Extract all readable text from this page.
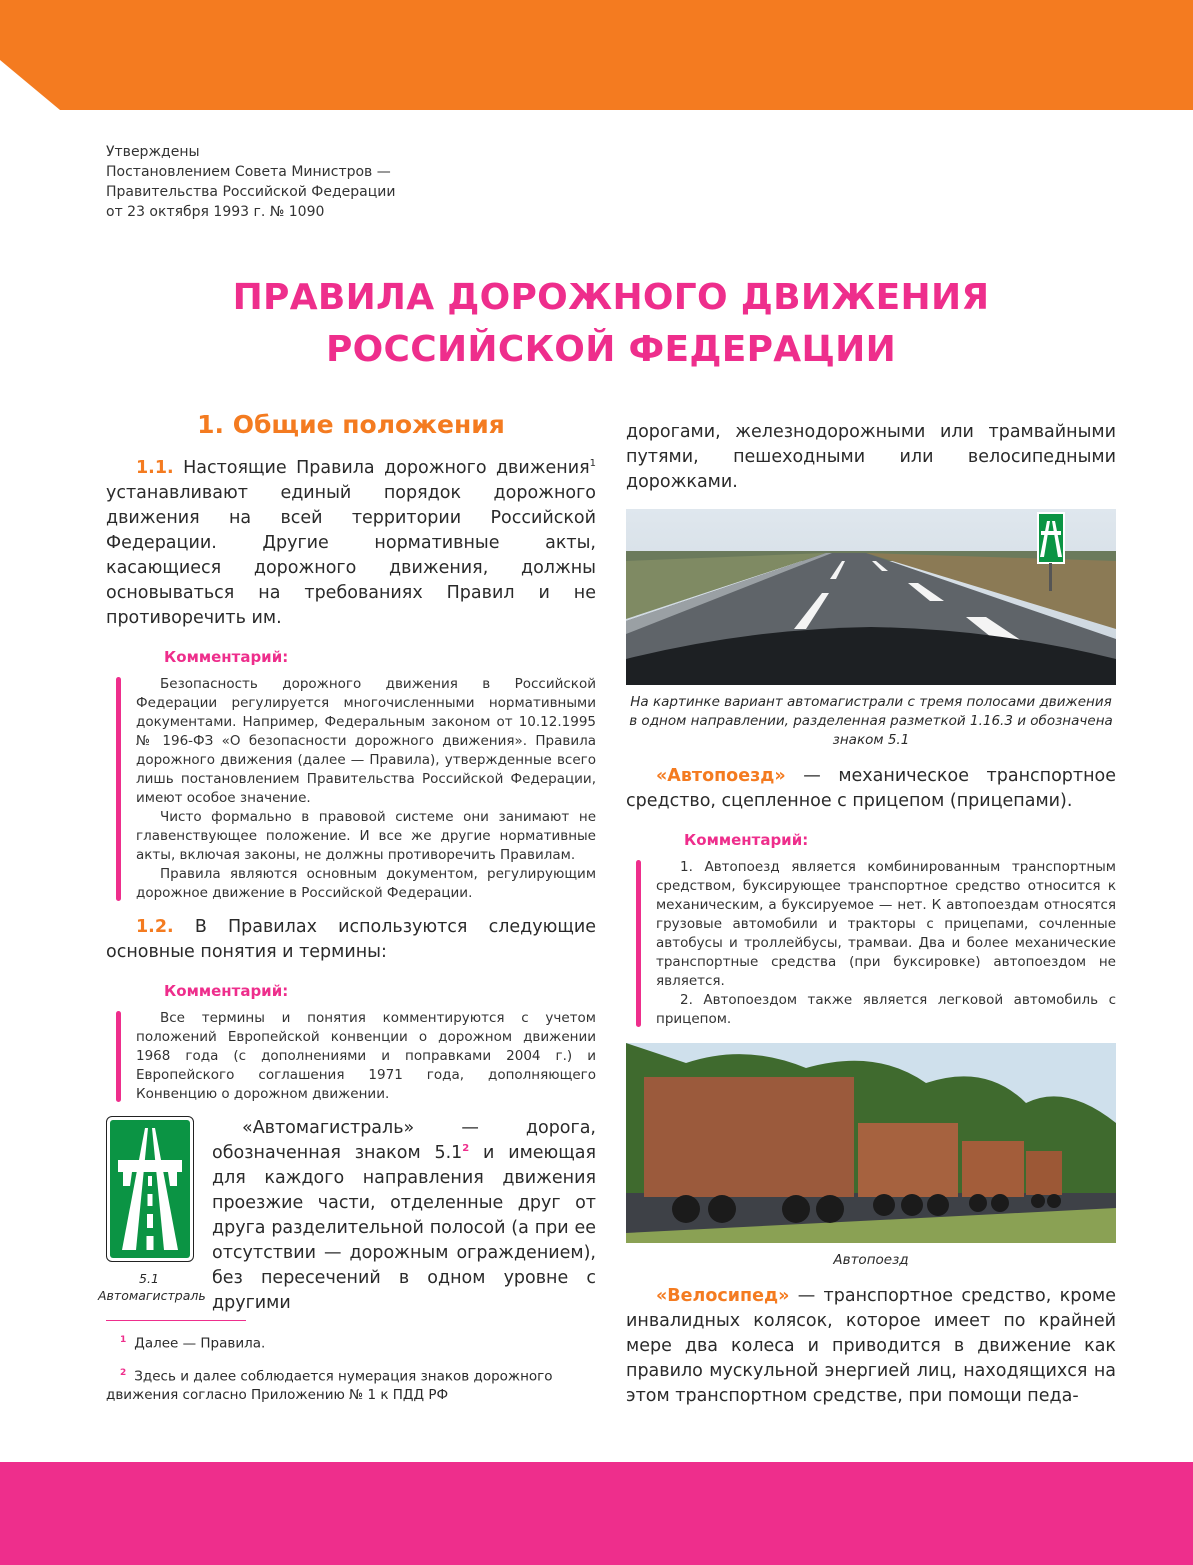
Утверждены
Постановлением Совета Министров —
Правительства Российской Федерации
от 23 октября 1993 г. № 1090
ПРАВИЛА ДОРОЖНОГО ДВИЖЕНИЯ
РОССИЙСКОЙ ФЕДЕРАЦИИ
1. Общие положения

1.1. Настоящие Правила дорожного движения$^1$ устанавливают единый порядок дорожного движения на всей территории Российской Федерации. Другие нормативные акты, касающиеся дорожного движения, должны основываться на требованиях Правил и не противоречить им.

Комментарий:

Безопасность дорожного движения в Российской Федерации регулируется многочисленными нормативными документами. Например, Федеральным законом от 10.12.1995 № 196-ФЗ «О безопасности дорожного движения». Правила дорожного движения (далее — Правила), утвержденные всего лишь постановлением Правительства Российской Федерации, имеют особое значение.

Чисто формально в правовой системе они занимают не главенствующее положение. И все же другие нормативные акты, включая законы, не должны противоречить Правилам.

Правила являются основным документом, регулирующим дорожное движение в Российской Федерации.

1.2. В Правилах используются следующие основные понятия и термины:

Комментарий:

Все термины и понятия комментируются с учетом положений Европейской конвенции о дорожном движении 1968 года (с дополнениями и поправками 2004 г.) и Европейского соглашения 1971 года, дополняющего Конвенцию о дорожном движении.

5.1 Автомагистраль
«Автомагистраль» — дорога, обозначенная знаком $5.1^2$ и имеющая для каждого направления движения проезжие части, отделенные друг от друга разделительной полосой (а при ее отсутствии — дорожным ограждением), без пересечений в одном уровне с другими
$^1$ Далее — Правила.
$^2$ Здесь и далее соблюдается нумерация знаков дорожного движения согласно Приложению № 1 к ПДД РФ

дорогами, железнодорожными или трамвайными путями, пешеходными или велосипедными дорожками.

На картинке вариант автомагистрали с тремя полосами движения в одном направлении, разделенная разметкой 1.16.3 и обозначена знаком 5.1

«Автопоезд» — механическое транспортное средство, сцепленное с прицепом (прицепами).

Комментарий:

1. Автопоезд является комбинированным транспортным средством, буксирующее транспортное средство относится к механическим, а буксируемое — нет. К автопоездам относятся грузовые автомобили и тракторы с прицепами, сочленные автобусы и троллейбусы, трамваи. Два и более механические транспортные средства (при буксировке) автопоездом не является.

2. Автопоездом также является легковой автомобиль с прицепом.

Автопоезд

«Велосипед» — транспортное средство, кроме инвалидных колясок, которое имеет по крайней мере два колеса и приводится в движение как правило мускульной энергией лиц, находящихся на этом транспортном средстве, при помощи педа-
